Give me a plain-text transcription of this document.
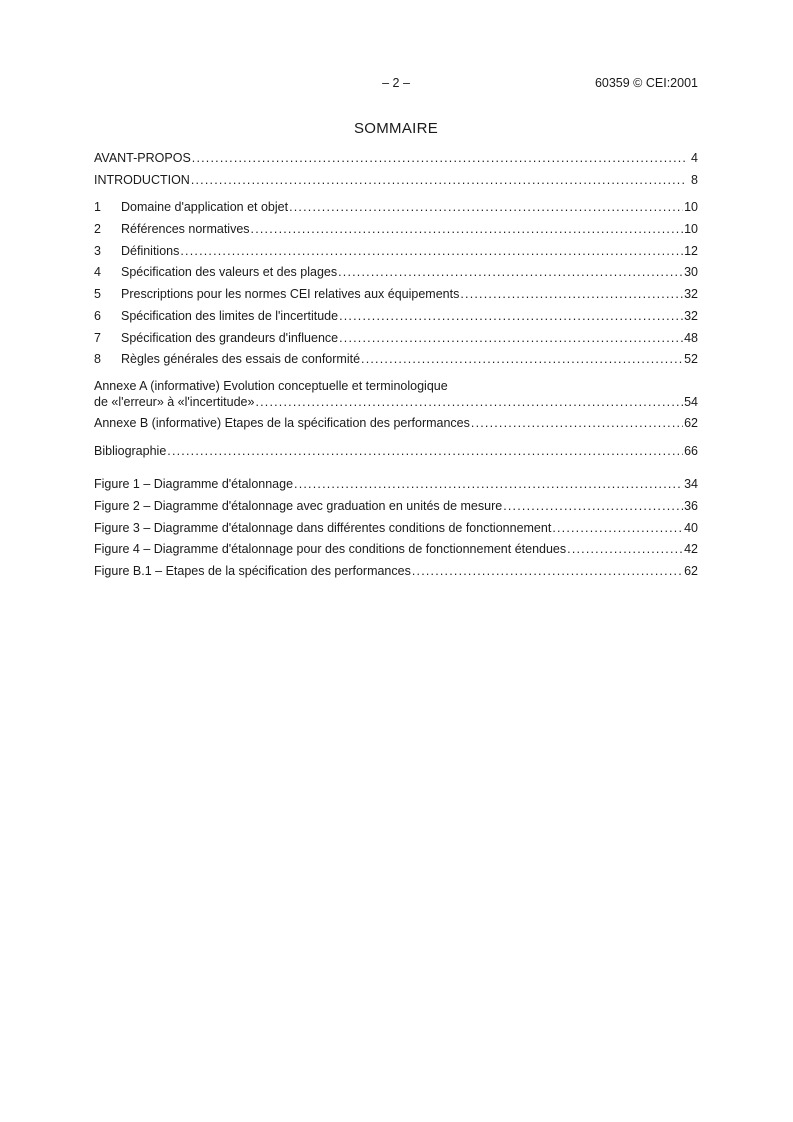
– 2 –	60359 © CEI:2001
SOMMAIRE
AVANT-PROPOS .....	4
INTRODUCTION .....	8
1	Domaine d'application et objet .....	10
2	Références normatives .....	10
3	Définitions .....	12
4	Spécification des valeurs et des plages .....	30
5	Prescriptions pour les normes CEI relatives aux équipements .....	32
6	Spécification des limites de l'incertitude .....	32
7	Spécification des grandeurs d'influence .....	48
8	Règles générales des essais de conformité .....	52
Annexe A (informative) Evolution conceptuelle et terminologique
de «l'erreur» à «l'incertitude» .....	54
Annexe B (informative) Etapes de la spécification des performances .....	62
Bibliographie .....	66
Figure 1 – Diagramme d'étalonnage .....	34
Figure 2 – Diagramme d'étalonnage avec graduation en unités de mesure .....	36
Figure 3 – Diagramme d'étalonnage dans différentes conditions de fonctionnement .....	40
Figure 4 – Diagramme d'étalonnage pour des conditions de fonctionnement étendues .....	42
Figure B.1 – Etapes de la spécification des performances .....	62
